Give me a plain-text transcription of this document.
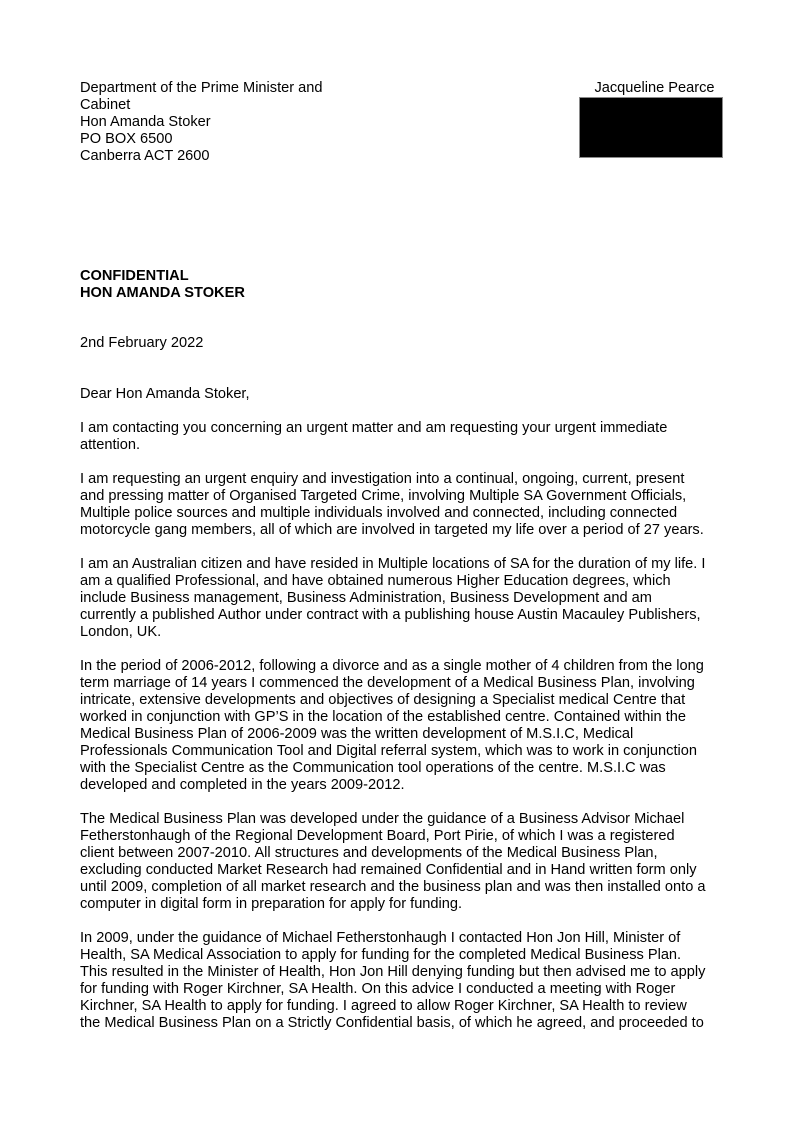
Department of the Prime Minister and
Cabinet
Hon Amanda Stoker
PO BOX 6500
Canberra ACT 2600
Jacqueline Pearce
CONFIDENTIAL
HON AMANDA STOKER
2nd February 2022
Dear Hon Amanda Stoker,
I am contacting you concerning an urgent matter and am requesting your urgent immediate
attention.
I am requesting an urgent enquiry and investigation into a continual, ongoing, current, present
and pressing matter of Organised Targeted Crime, involving Multiple SA Government Officials,
Multiple police sources and multiple individuals involved and connected, including connected
motorcycle gang members, all of which are involved in targeted my life over a period of 27 years.
I am an Australian citizen and have resided in Multiple locations of SA for the duration of my life. I
am a qualified Professional, and have obtained numerous Higher Education degrees, which
include Business management, Business Administration, Business Development and am
currently a published Author under contract with a publishing house Austin Macauley Publishers,
London, UK.
In the period of 2006-2012, following a divorce and as a single mother of 4 children from the long
term marriage of 14 years I commenced the development of a Medical Business Plan, involving
intricate, extensive developments and objectives of designing a Specialist medical Centre that
worked in conjunction with GP’S in the location of the established centre. Contained within the
Medical Business Plan of 2006-2009 was the written development of M.S.I.C, Medical
Professionals Communication Tool and Digital referral system, which was to work in conjunction
with the Specialist Centre as the Communication tool operations of the centre. M.S.I.C was
developed and completed in the years 2009-2012.
The Medical Business Plan was developed under the guidance of a Business Advisor Michael
Fetherstonhaugh of the Regional Development Board, Port Pirie, of which I was a registered
client between 2007-2010. All structures and developments of the Medical Business Plan,
excluding conducted Market Research had remained Confidential and in Hand written form only
until 2009, completion of all market research and the business plan and was then installed onto a
computer in digital form in preparation for apply for funding.
In 2009, under the guidance of Michael Fetherstonhaugh I contacted Hon Jon Hill, Minister of
Health, SA Medical Association to apply for funding for the completed Medical Business Plan.
This resulted in the Minister of Health, Hon Jon Hill denying funding but then advised me to apply
for funding with Roger Kirchner, SA Health. On this advice I conducted a meeting with Roger
Kirchner, SA Health to apply for funding. I agreed to allow Roger Kirchner, SA Health to review
the Medical Business Plan on a Strictly Confidential basis, of which he agreed, and proceeded to
